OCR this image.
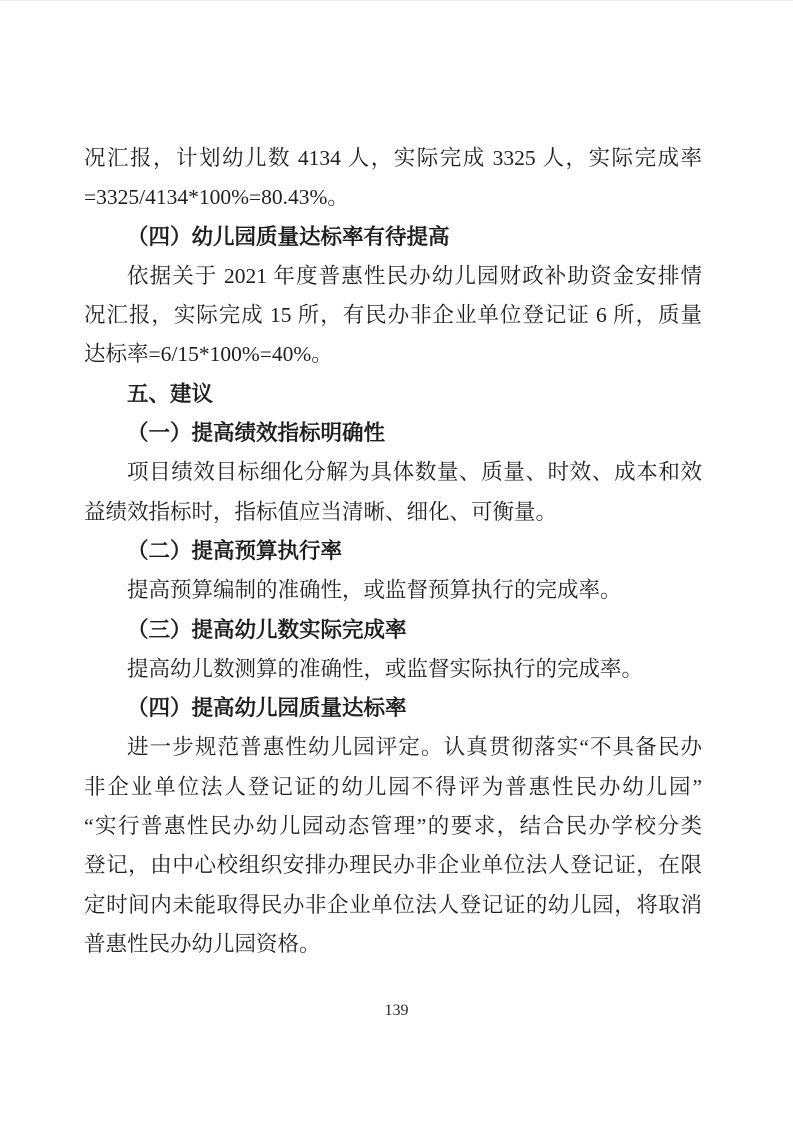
况汇报，计划幼儿数 4134 人，实际完成 3325 人，实际完成率
=3325/4134*100%=80.43%。
（四）幼儿园质量达标率有待提高
依据关于 2021 年度普惠性民办幼儿园财政补助资金安排情
况汇报，实际完成 15 所，有民办非企业单位登记证 6 所，质量
达标率=6/15*100%=40%。
五、建议
（一）提高绩效指标明确性
项目绩效目标细化分解为具体数量、质量、时效、成本和效
益绩效指标时，指标值应当清晰、细化、可衡量。
（二）提高预算执行率
提高预算编制的准确性，或监督预算执行的完成率。
（三）提高幼儿数实际完成率
提高幼儿数测算的准确性，或监督实际执行的完成率。
（四）提高幼儿园质量达标率
进一步规范普惠性幼儿园评定。认真贯彻落实“不具备民办
非企业单位法人登记证的幼儿园不得评为普惠性民办幼儿园”
“实行普惠性民办幼儿园动态管理”的要求，结合民办学校分类
登记，由中心校组织安排办理民办非企业单位法人登记证，在限
定时间内未能取得民办非企业单位法人登记证的幼儿园，将取消
普惠性民办幼儿园资格。
139
